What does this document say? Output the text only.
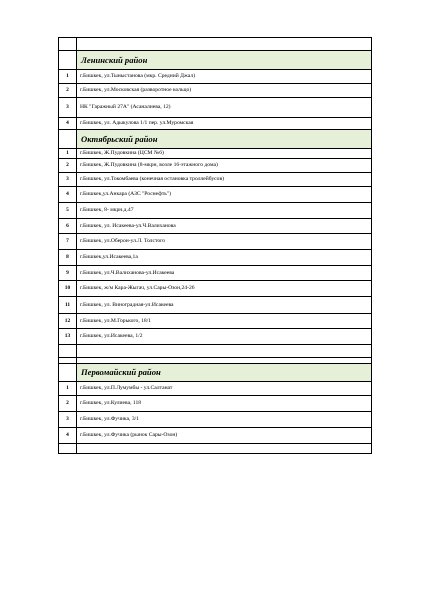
	Ленинский район
1	г.Бишкек, ул.Тыныстанова (мкр. Средний Джал)
2	г.Бишкек, ул.Московская (разворотное кольцо)
3	НК "Гаражный 27А" (Асаналиева, 12)
4	г.Бишкек, ул. Адыкулова 1/1 пер. ул.Муромская
	Октябрьский район
1	г.Бишкек, Ж.Пудовкина (ЦСМ №6)
2	г.Бишкек, Ж.Пудовкина (8-мкрн, возле 16-этажного дома)
3	г.Бишкек, ул.Токомбаева (конечная остановка троллейбусов)
4	г.Бишкек,ул.Анкара (АЗС "Роснефть")
5	г.Бишкек, 8- мкрн.д.47
6	г.Бишкек, ул. Исакеева-ул.Ч.Валиханова
7	г.Бишкек, ул.Оберон-ул.Л. Толстого
8	г.Бишкек,ул.Исакеева,1а
9	г.Бишкек, ул.Ч.Валиханова-ул.Исакеева
10	г.Бишкек, ж/м Кара-Жыгач, ул.Сары-Озон,24-26
11	г.Бишкек, ул. Виноградная-ул.Исакеева
12	г.Бишкек, ул.М.Горького, 18/1
13	г.Бишкек, ул.Исакеева, 1/2

	Первомайский район
1	г.Бишкек, ул.П.Лумумбы - ул.Салтанат
2	г.Бишкек, ул.Кулиева, 118
3	г.Бишкек, ул.Фучика, 3/1
4	г.Бишкек, ул.Фучика (рынок Сары-Озон)
